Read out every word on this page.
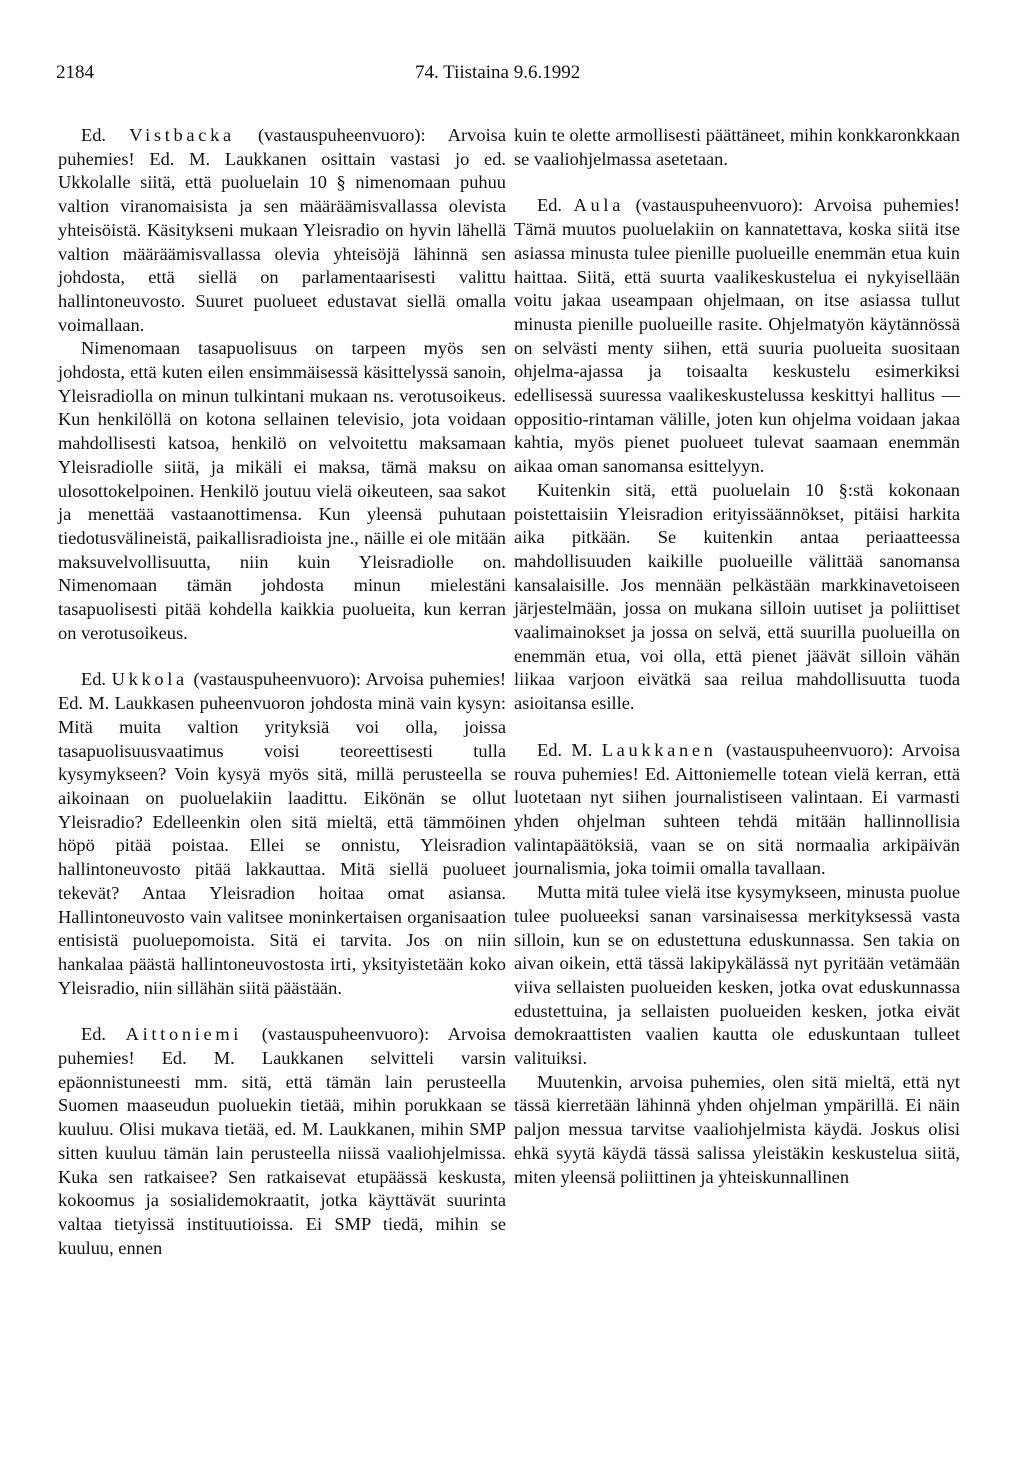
2184	74. Tiistaina 9.6.1992

Ed. Vistbacka (vastauspuheenvuoro): Arvoisa puhemies! Ed. M. Laukkanen osittain vastasi jo ed. Ukkolalle siitä, että puoluelain 10 § nimenomaan puhuu valtion viranomaisista ja sen määräämisvallassa olevista yhteisöistä. Käsitykseni mukaan Yleisradio on hyvin lähellä valtion määräämisvallassa olevia yhteisöjä lähinnä sen johdosta, että siellä on parlamentaarisesti valittu hallintoneuvosto. Suuret puolueet edustavat siellä omalla voimallaan.

Nimenomaan tasapuolisuus on tarpeen myös sen johdosta, että kuten eilen ensimmäisessä käsittelyssä sanoin, Yleisradiolla on minun tulkintani mukaan ns. verotusoikeus. Kun henkilöllä on kotona sellainen televisio, jota voidaan mahdollisesti katsoa, henkilö on velvoitettu maksamaan Yleisradiolle siitä, ja mikäli ei maksa, tämä maksu on ulosottokelpoinen. Henkilö joutuu vielä oikeuteen, saa sakot ja menettää vastaanottimensa. Kun yleensä puhutaan tiedotusvälineistä, paikallisradioista jne., näille ei ole mitään maksuvelvollisuutta, niin kuin Yleisradiolle on. Nimenomaan tämän johdosta minun mielestäni tasapuolisesti pitää kohdella kaikkia puolueita, kun kerran on verotusoikeus.

Ed. Ukkola (vastauspuheenvuoro): Arvoisa puhemies! Ed. M. Laukkasen puheenvuoron johdosta minä vain kysyn: Mitä muita valtion yrityksiä voi olla, joissa tasapuolisuusvaatimus voisi teoreettisesti tulla kysymykseen? Voin kysyä myös sitä, millä perusteella se aikoinaan on puoluelakiin laadittu. Eikönän se ollut Yleisradio? Edelleenkin olen sitä mieltä, että tämmöinen höpö pitää poistaa. Ellei se onnistu, Yleisradion hallintoneuvosto pitää lakkauttaa. Mitä siellä puolueet tekevät? Antaa Yleisradion hoitaa omat asiansa. Hallintoneuvosto vain valitsee moninkertaisen organisaation entisistä puoluepomoista. Sitä ei tarvita. Jos on niin hankalaa päästä hallintoneuvostosta irti, yksityistetään koko Yleisradio, niin sillähän siitä päästään.

Ed. Aittoniemi (vastauspuheenvuoro): Arvoisa puhemies! Ed. M. Laukkanen selvitteli varsin epäonnistuneesti mm. sitä, että tämän lain perusteella Suomen maaseudun puoluekin tietää, mihin porukkaan se kuuluu. Olisi mukava tietää, ed. M. Laukkanen, mihin SMP sitten kuuluu tämän lain perusteella niissä vaaliohjelmissa. Kuka sen ratkaisee? Sen ratkaisevat etupäässä keskusta, kokoomus ja sosialidemokraatit, jotka käyttävät suurinta valtaa tietyissä instituutioissa. Ei SMP tiedä, mihin se kuuluu, ennen

kuin te olette armollisesti päättäneet, mihin konkkaronkkaan se vaaliohjelmassa asetetaan.

Ed. Aula (vastauspuheenvuoro): Arvoisa puhemies! Tämä muutos puoluelakiin on kannatettava, koska siitä itse asiassa minusta tulee pienille puolueille enemmän etua kuin haittaa. Siitä, että suurta vaalikeskustelua ei nykyisellään voitu jakaa useampaan ohjelmaan, on itse asiassa tullut minusta pienille puolueille rasite. Ohjelmatyön käytännössä on selvästi menty siihen, että suuria puolueita suositaan ohjelma-ajassa ja toisaalta keskustelu esimerkiksi edellisessä suuressa vaalikeskustelussa keskittyi hallitus — oppositio-rintaman välille, joten kun ohjelma voidaan jakaa kahtia, myös pienet puolueet tulevat saamaan enemmän aikaa oman sanomansa esittelyyn.

Kuitenkin sitä, että puoluelain 10 §:stä kokonaan poistettaisiin Yleisradion erityissäännökset, pitäisi harkita aika pitkään. Se kuitenkin antaa periaatteessa mahdollisuuden kaikille puolueille välittää sanomansa kansalaisille. Jos mennään pelkästään markkinavetoiseen järjestelmään, jossa on mukana silloin uutiset ja poliittiset vaalimainokset ja jossa on selvä, että suurilla puolueilla on enemmän etua, voi olla, että pienet jäävät silloin vähän liikaa varjoon eivätkä saa reilua mahdollisuutta tuoda asioitansa esille.

Ed. M. Laukkanen (vastauspuheenvuoro): Arvoisa rouva puhemies! Ed. Aittoniemelle totean vielä kerran, että luotetaan nyt siihen journalistiseen valintaan. Ei varmasti yhden ohjelman suhteen tehdä mitään hallinnollisia valintapäätöksiä, vaan se on sitä normaalia arkipäivän journalismia, joka toimii omalla tavallaan.

Mutta mitä tulee vielä itse kysymykseen, minusta puolue tulee puolueeksi sanan varsinaisessa merkityksessä vasta silloin, kun se on edustettuna eduskunnassa. Sen takia on aivan oikein, että tässä lakipykälässä nyt pyritään vetämään viiva sellaisten puolueiden kesken, jotka ovat eduskunnassa edustettuina, ja sellaisten puolueiden kesken, jotka eivät demokraattisten vaalien kautta ole eduskuntaan tulleet valituiksi.

Muutenkin, arvoisa puhemies, olen sitä mieltä, että nyt tässä kierretään lähinnä yhden ohjelman ympärillä. Ei näin paljon messua tarvitse vaaliohjelmista käydä. Joskus olisi ehkä syytä käydä tässä salissa yleistäkin keskustelua siitä, miten yleensä poliittinen ja yhteiskunnallinen
